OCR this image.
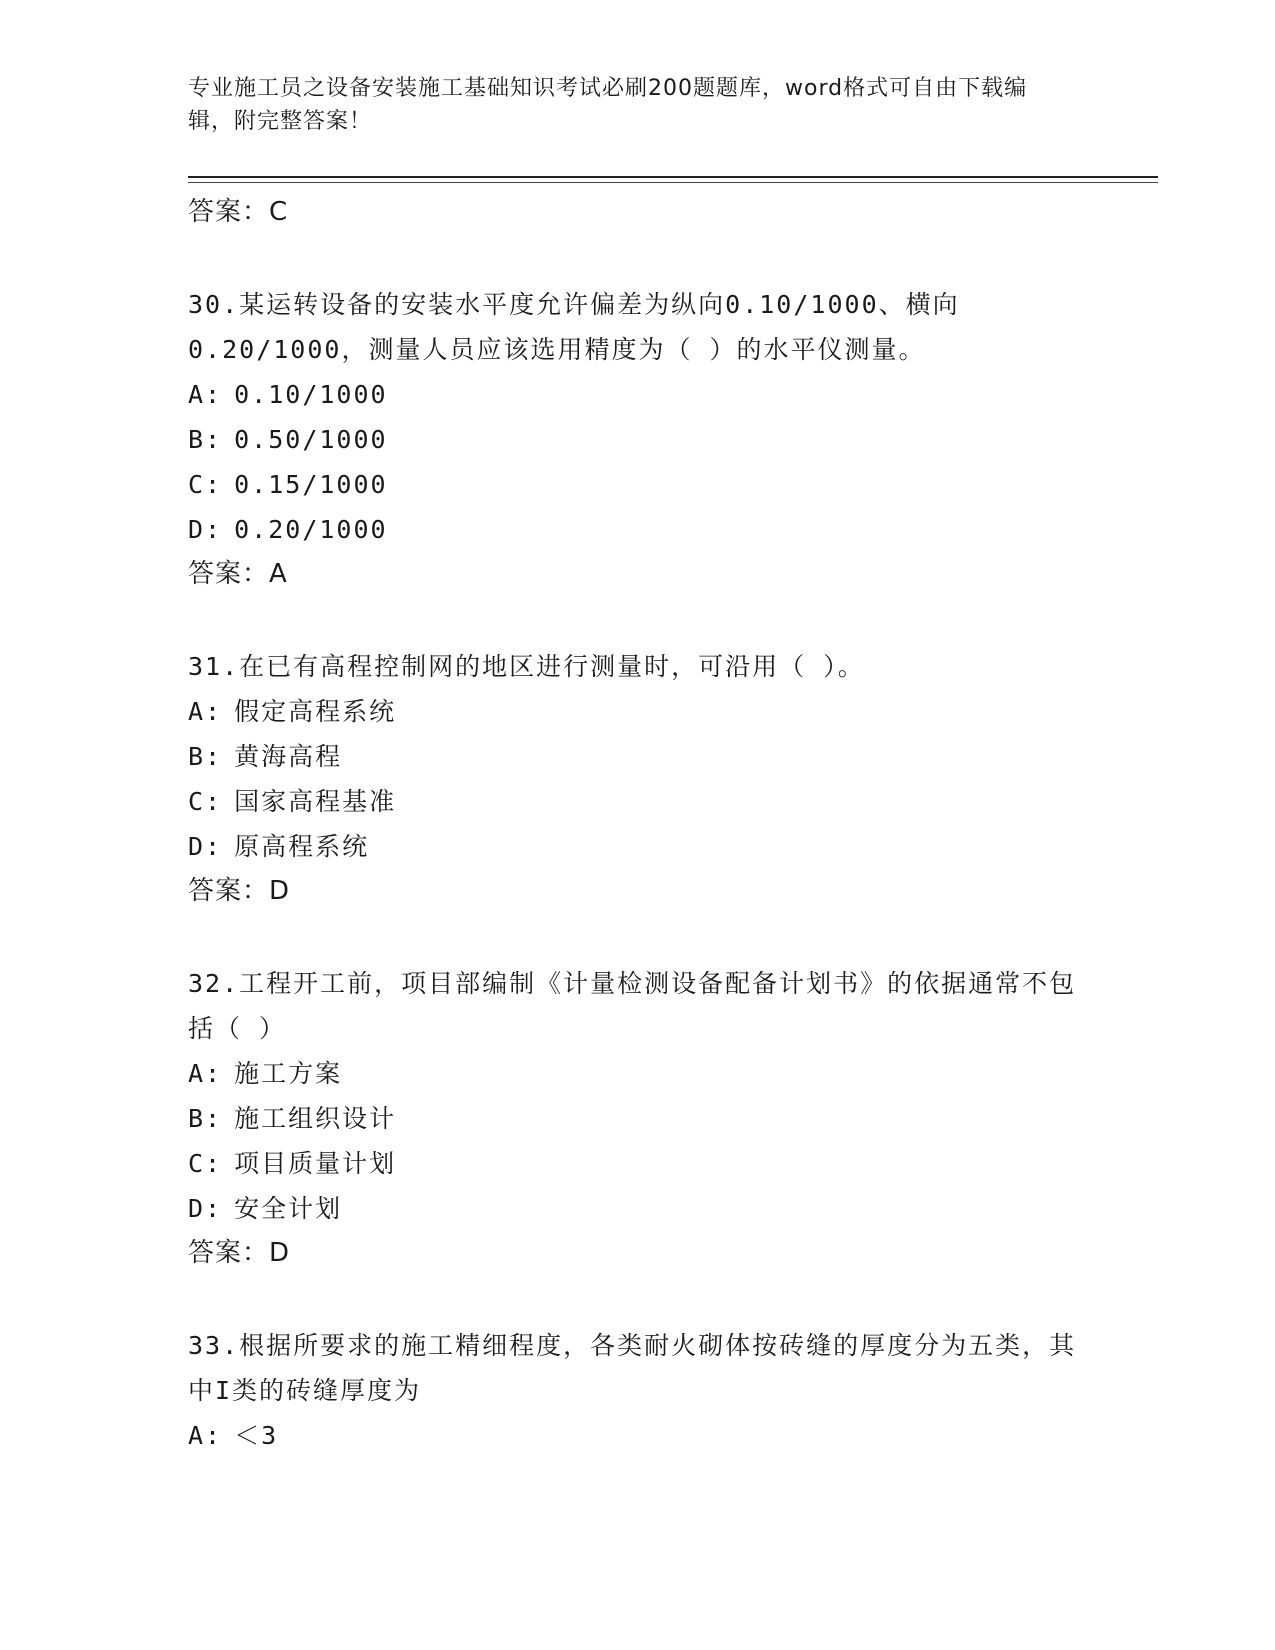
专业施工员之设备安装施工基础知识考试必刷200题题库，word格式可自由下载编辑，附完整答案！
答案：C
30.某运转设备的安装水平度允许偏差为纵向0.10/1000、横向0.20/1000，测量人员应该选用精度为（ ）的水平仪测量。
A: 0.10/1000
B: 0.50/1000
C: 0.15/1000
D: 0.20/1000
答案：A
31.在已有高程控制网的地区进行测量时，可沿用（ ）。
A: 假定高程系统
B: 黄海高程
C: 国家高程基准
D: 原高程系统
答案：D
32.工程开工前，项目部编制《计量检测设备配备计划书》的依据通常不包括（ ）
A: 施工方案
B: 施工组织设计
C: 项目质量计划
D: 安全计划
答案：D
33.根据所要求的施工精细程度，各类耐火砌体按砖缝的厚度分为五类，其中I类的砖缝厚度为
A: ＜3
